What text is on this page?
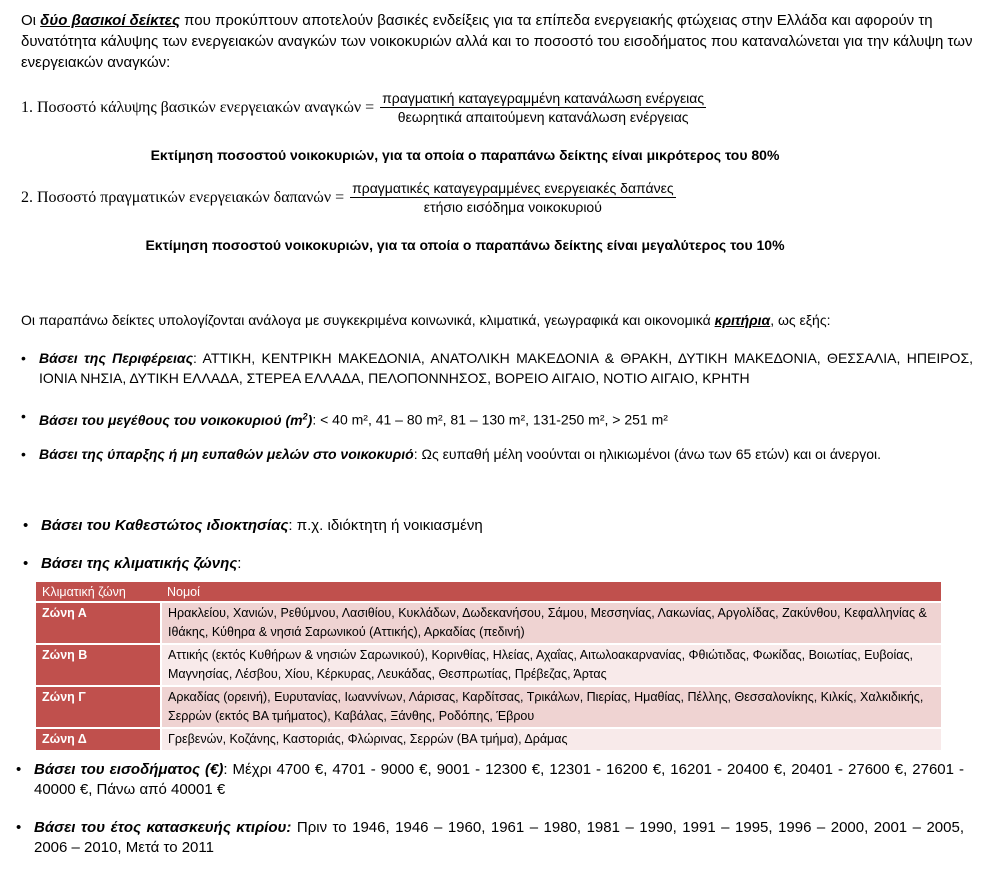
Οι δύο βασικοί δείκτες που προκύπτουν αποτελούν βασικές ενδείξεις για τα επίπεδα ενεργειακής φτώχειας στην Ελλάδα και αφορούν τη δυνατότητα κάλυψης των ενεργειακών αναγκών των νοικοκυριών αλλά και το ποσοστό του εισοδήματος που καταναλώνεται για την κάλυψη των ενεργειακών αναγκών:
1. Ποσοστό κάλυψης βασικών ενεργειακών $\alpha\nu\alpha\gamma\kappa ώ\nu = \frac{\text{πραγματική καταγεγραμμένη κατανάλωση ενέργειας}}{\text{θεωρητικά απαιτούμενη κατανάλωση ενέργειας}}$
Εκτίμηση ποσοστού νοικοκυριών, για τα οποία ο παραπάνω δείκτης είναι μικρότερος του 80%
2. Ποσοστό πραγματικών ενεργειακών $\delta\alpha\pi\alpha\nu ώ\nu = \frac{\text{πραγματικές καταγεγραμμένες ενεργειακές δαπάνες}}{\text{ετήσιο εισόδημα νοικοκυριού}}$
Εκτίμηση ποσοστού νοικοκυριών, για τα οποία ο παραπάνω δείκτης είναι μεγαλύτερος του 10%
Οι παραπάνω δείκτες υπολογίζονται ανάλογα με συγκεκριμένα κοινωνικά, κλιματικά, γεωγραφικά και οικονομικά κριτήρια, ως εξής:
• Βάσει της Περιφέρειας: ΑΤΤΙΚΗ, ΚΕΝΤΡΙΚΗ ΜΑΚΕΔΟΝΙΑ, ΑΝΑΤΟΛΙΚΗ ΜΑΚΕΔΟΝΙΑ & ΘΡΑΚΗ, ΔΥΤΙΚΗ ΜΑΚΕΔΟΝΙΑ, ΘΕΣΣΑΛΙΑ, ΗΠΕΙΡΟΣ, ΙΟΝΙΑ ΝΗΣΙΑ, ΔΥΤΙΚΗ ΕΛΛΑΔΑ, ΣΤΕΡΕΑ ΕΛΛΑΔΑ, ΠΕΛΟΠΟΝΝΗΣΟΣ, ΒΟΡΕΙΟ ΑΙΓΑΙΟ, ΝΟΤΙΟ ΑΙΓΑΙΟ, ΚΡΗΤΗ
• Βάσει του μεγέθους του νοικοκυριού $(m^2)$: < 40 m², 41 – 80 m², 81 – 130 m², 131-250 m², > 251 m²
• Βάσει της ύπαρξης ή μη ευπαθών μελών στο νοικοκυριό: Ως ευπαθή μέλη νοούνται οι ηλικιωμένοι (άνω των 65 ετών) και οι άνεργοι.
• Βάσει του Καθεστώτος ιδιοκτησίας: π.χ. ιδιόκτητη ή νοικιασμένη
• Βάσει της κλιματικής ζώνης:
Κλιματική ζώνη	Νομοί
Ζώνη Α	Ηρακλείου, Χανιών, Ρεθύμνου, Λασιθίου, Κυκλάδων, Δωδεκανήσου, Σάμου, Μεσσηνίας, Λακωνίας, Αργολίδας, Ζακύνθου, Κεφαλληνίας & Ιθάκης, Κύθηρα & νησιά Σαρωνικού (Αττικής), Αρκαδίας (πεδινή)
Ζώνη Β	Αττικής (εκτός Κυθήρων & νησιών Σαρωνικού), Κορινθίας, Ηλείας, Αχαΐας, Αιτωλοακαρνανίας, Φθιώτιδας, Φωκίδας, Βοιωτίας, Ευβοίας, Μαγνησίας, Λέσβου, Χίου, Κέρκυρας, Λευκάδας, Θεσπρωτίας, Πρέβεζας, Άρτας
Ζώνη Γ	Αρκαδίας (ορεινή), Ευρυτανίας, Ιωαννίνων, Λάρισας, Καρδίτσας, Τρικάλων, Πιερίας, Ημαθίας, Πέλλης, Θεσσαλονίκης, Κιλκίς, Χαλκιδικής, Σερρών (εκτός ΒΑ τμήματος), Καβάλας, Ξάνθης, Ροδόπης, Έβρου
Ζώνη Δ	Γρεβενών, Κοζάνης, Καστοριάς, Φλώρινας, Σερρών (ΒΑ τμήμα), Δράμας
• Βάσει του εισοδήματος (€): Μέχρι 4700 €, 4701 - 9000 €, 9001 - 12300 €, 12301 - 16200 €, 16201 - 20400 €, 20401 - 27600 €, 27601 - 40000 €, Πάνω από 40001 €
• Βάσει του έτος κατασκευής κτιρίου: Πριν το 1946, 1946 – 1960, 1961 – 1980, 1981 – 1990, 1991 – 1995, 1996 – 2000, 2001 – 2005, 2006 – 2010, Μετά το 2011
